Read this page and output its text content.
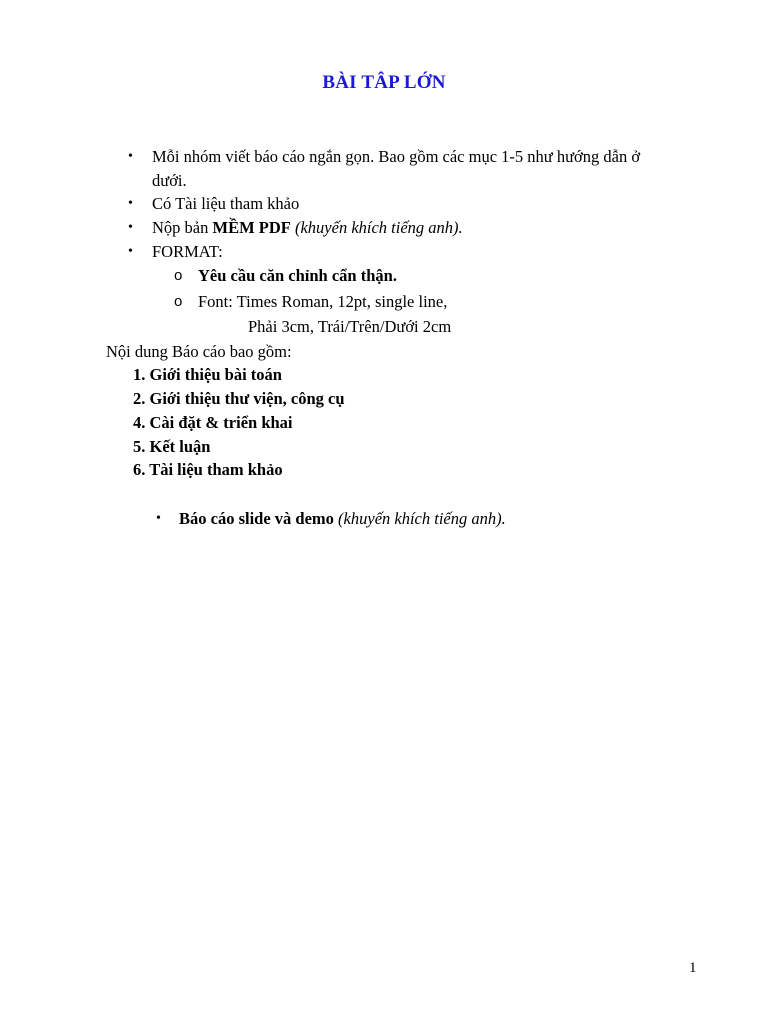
BÀI TÂP LỚN
• Mỗi nhóm viết báo cáo ngắn gọn. Bao gồm các mục 1-5 như hướng dẫn ở
dưới.
• Có Tài liệu tham khảo
• Nộp bản MỀM PDF (khuyến khích tiếng anh).
• FORMAT:
o Yêu cầu căn chỉnh cẩn thận.
o Font: Times Roman, 12pt, single line,
Phải 3cm, Trái/Trên/Dưới 2cm
Nội dung Báo cáo bao gồm:
1. Giới thiệu bài toán
2. Giới thiệu thư viện, công cụ
4. Cài đặt & triển khai
5. Kết luận
6. Tài liệu tham khảo
• Báo cáo slide và demo (khuyến khích tiếng anh).
1
